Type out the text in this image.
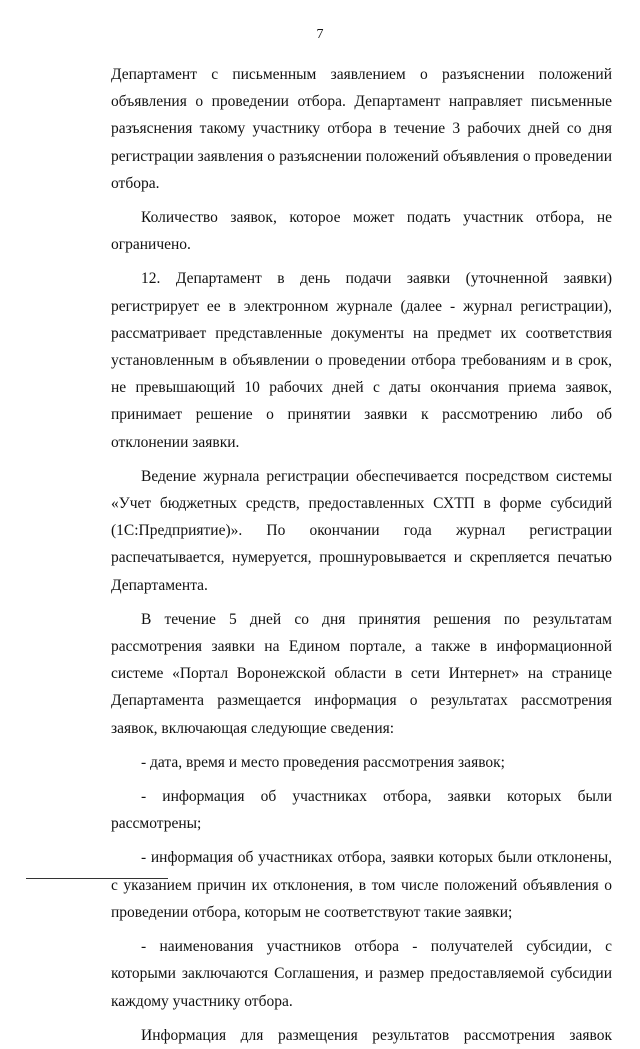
7

Департамент с письменным заявлением о разъяснении положений объявления о проведении отбора. Департамент направляет письменные разъяснения такому участнику отбора в течение 3 рабочих дней со дня регистрации заявления о разъяснении положений объявления о проведении отбора.

Количество заявок, которое может подать участник отбора, не ограничено.

12. Департамент в день подачи заявки (уточненной заявки) регистрирует ее в электронном журнале (далее - журнал регистрации), рассматривает представленные документы на предмет их соответствия установленным в объявлении о проведении отбора требованиям и в срок, не превышающий 10 рабочих дней с даты окончания приема заявок, принимает решение о принятии заявки к рассмотрению либо об отклонении заявки.

Ведение журнала регистрации обеспечивается посредством системы «Учет бюджетных средств, предоставленных СХТП в форме субсидий (1С:Предприятие)». По окончании года журнал регистрации распечатывается, нумеруется, прошнуровывается и скрепляется печатью Департамента.

В течение 5 дней со дня принятия решения по результатам рассмотрения заявки на Едином портале, а также в информационной системе «Портал Воронежской области в сети Интернет» на странице Департамента размещается информация о результатах рассмотрения заявок, включающая следующие сведения:

- дата, время и место проведения рассмотрения заявок;

- информация об участниках отбора, заявки которых были рассмотрены;

- информация об участниках отбора, заявки которых были отклонены, с указанием причин их отклонения, в том числе положений объявления о проведении отбора, которым не соответствуют такие заявки;

- наименования участников отбора - получателей субсидии, с которыми заключаются Соглашения, и размер предоставляемой субсидии каждому участнику отбора.

Информация для размещения результатов рассмотрения заявок
